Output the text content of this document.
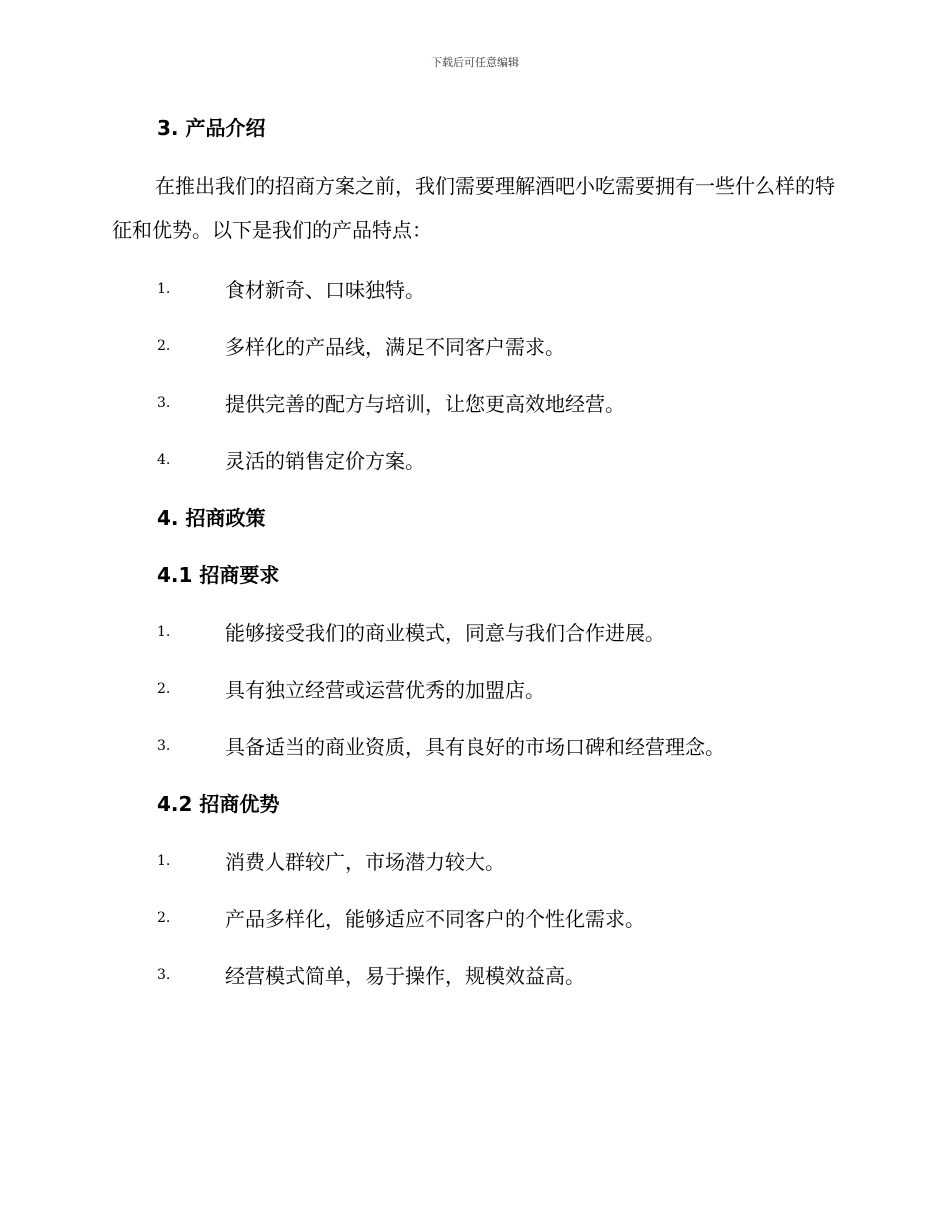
下载后可任意编辑
3. 产品介绍
在推出我们的招商方案之前，我们需要理解酒吧小吃需要拥有一些什么样的特征和优势。以下是我们的产品特点：
1.	食材新奇、口味独特。
2.	多样化的产品线，满足不同客户需求。
3.	提供完善的配方与培训，让您更高效地经营。
4.	灵活的销售定价方案。
4. 招商政策
4.1 招商要求
1.	能够接受我们的商业模式，同意与我们合作进展。
2.	具有独立经营或运营优秀的加盟店。
3.	具备适当的商业资质，具有良好的市场口碑和经营理念。
4.2 招商优势
1.	消费人群较广，市场潜力较大。
2.	产品多样化，能够适应不同客户的个性化需求。
3.	经营模式简单，易于操作，规模效益高。
